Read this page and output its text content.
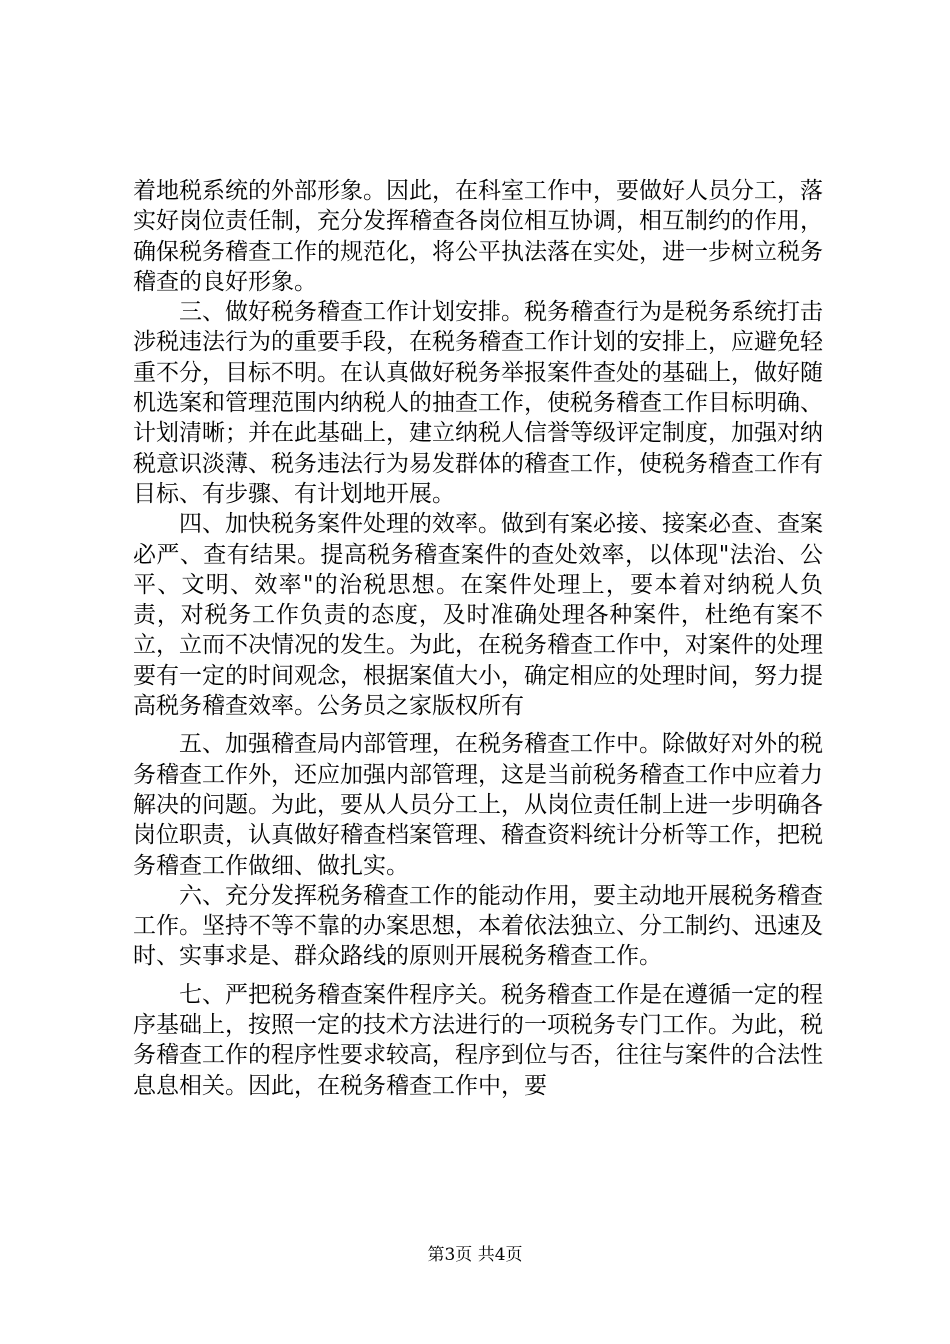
着地税系统的外部形象。因此，在科室工作中，要做好人员分工，落实好岗位责任制，充分发挥稽查各岗位相互协调，相互制约的作用，确保税务稽查工作的规范化，将公平执法落在实处，进一步树立税务稽查的良好形象。

三、做好税务稽查工作计划安排。税务稽查行为是税务系统打击涉税违法行为的重要手段，在税务稽查工作计划的安排上，应避免轻重不分，目标不明。在认真做好税务举报案件查处的基础上，做好随机选案和管理范围内纳税人的抽查工作，使税务稽查工作目标明确、计划清晰；并在此基础上，建立纳税人信誉等级评定制度，加强对纳税意识淡薄、税务违法行为易发群体的稽查工作，使税务稽查工作有目标、有步骤、有计划地开展。

四、加快税务案件处理的效率。做到有案必接、接案必查、查案必严、查有结果。提高税务稽查案件的查处效率，以体现"法治、公平、文明、效率"的治税思想。在案件处理上，要本着对纳税人负责，对税务工作负责的态度，及时准确处理各种案件，杜绝有案不立，立而不决情况的发生。为此，在税务稽查工作中，对案件的处理要有一定的时间观念，根据案值大小，确定相应的处理时间，努力提高税务稽查效率。公务员之家版权所有

五、加强稽查局内部管理，在税务稽查工作中。除做好对外的税务稽查工作外，还应加强内部管理，这是当前税务稽查工作中应着力解决的问题。为此，要从人员分工上，从岗位责任制上进一步明确各岗位职责，认真做好稽查档案管理、稽查资料统计分析等工作，把税务稽查工作做细、做扎实。

六、充分发挥税务稽查工作的能动作用，要主动地开展税务稽查工作。坚持不等不靠的办案思想，本着依法独立、分工制约、迅速及时、实事求是、群众路线的原则开展税务稽查工作。

七、严把税务稽查案件程序关。税务稽查工作是在遵循一定的程序基础上，按照一定的技术方法进行的一项税务专门工作。为此，税务稽查工作的程序性要求较高，程序到位与否，往往与案件的合法性息息相关。因此，在税务稽查工作中，要

第3页 共4页
